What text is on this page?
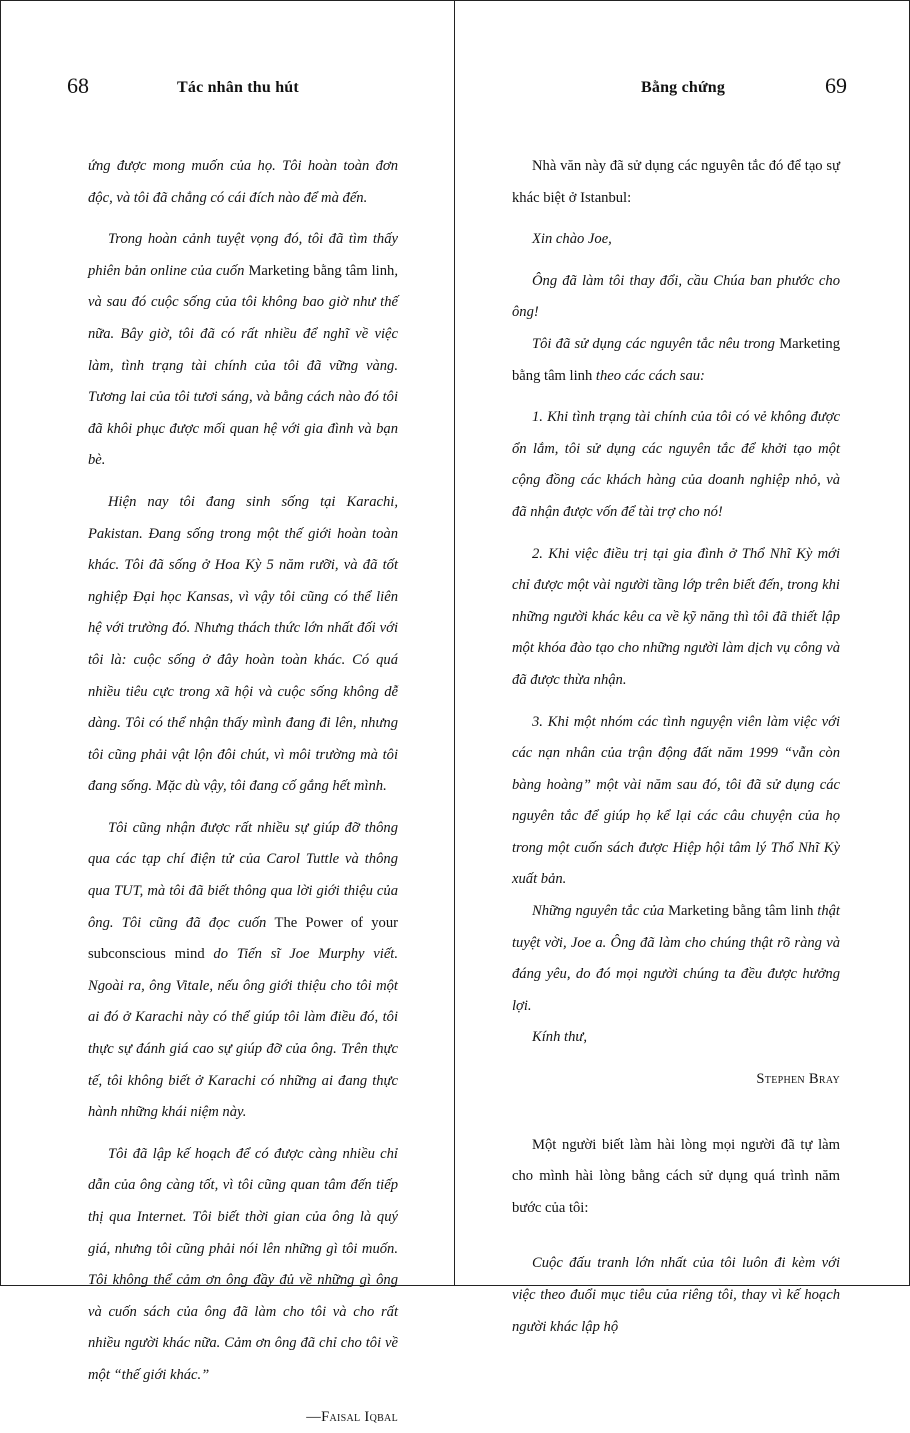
68	Tác nhân thu hút

ứng được mong muốn của họ. Tôi hoàn toàn đơn độc, và tôi đã chẳng có cái đích nào để mà đến.

Trong hoàn cảnh tuyệt vọng đó, tôi đã tìm thấy phiên bản online của cuốn Marketing bằng tâm linh, và sau đó cuộc sống của tôi không bao giờ như thế nữa. Bây giờ, tôi đã có rất nhiều để nghĩ về việc làm, tình trạng tài chính của tôi đã vững vàng. Tương lai của tôi tươi sáng, và bằng cách nào đó tôi đã khôi phục được mối quan hệ với gia đình và bạn bè.

Hiện nay tôi đang sinh sống tại Karachi, Pakistan. Đang sống trong một thế giới hoàn toàn khác. Tôi đã sống ở Hoa Kỳ 5 năm rưỡi, và đã tốt nghiệp Đại học Kansas, vì vậy tôi cũng có thể liên hệ với trường đó. Nhưng thách thức lớn nhất đối với tôi là: cuộc sống ở đây hoàn toàn khác. Có quá nhiều tiêu cực trong xã hội và cuộc sống không dễ dàng. Tôi có thể nhận thấy mình đang đi lên, nhưng tôi cũng phải vật lộn đôi chút, vì môi trường mà tôi đang sống. Mặc dù vậy, tôi đang cố gắng hết mình.

Tôi cũng nhận được rất nhiều sự giúp đỡ thông qua các tạp chí điện tử của Carol Tuttle và thông qua TUT, mà tôi đã biết thông qua lời giới thiệu của ông. Tôi cũng đã đọc cuốn The Power of your subconscious mind do Tiến sĩ Joe Murphy viết. Ngoài ra, ông Vitale, nếu ông giới thiệu cho tôi một ai đó ở Karachi này có thể giúp tôi làm điều đó, tôi thực sự đánh giá cao sự giúp đỡ của ông. Trên thực tế, tôi không biết ở Karachi có những ai đang thực hành những khái niệm này.

Tôi đã lập kế hoạch để có được càng nhiều chỉ dẫn của ông càng tốt, vì tôi cũng quan tâm đến tiếp thị qua Internet. Tôi biết thời gian của ông là quý giá, nhưng tôi cũng phải nói lên những gì tôi muốn. Tôi không thể cảm ơn ông đầy đủ về những gì ông và cuốn sách của ông đã làm cho tôi và cho rất nhiều người khác nữa. Cảm ơn ông đã chỉ cho tôi về một “thế giới khác.”

—Faisal Iqbal

Bằng chứng	69

Nhà văn này đã sử dụng các nguyên tắc đó để tạo sự khác biệt ở Istanbul:

Xin chào Joe,

Ông đã làm tôi thay đổi, cầu Chúa ban phước cho ông!

Tôi đã sử dụng các nguyên tắc nêu trong Marketing bằng tâm linh theo các cách sau:

1. Khi tình trạng tài chính của tôi có vẻ không được ổn lắm, tôi sử dụng các nguyên tắc để khởi tạo một cộng đồng các khách hàng của doanh nghiệp nhỏ, và đã nhận được vốn để tài trợ cho nó!

2. Khi việc điều trị tại gia đình ở Thổ Nhĩ Kỳ mới chỉ được một vài người tầng lớp trên biết đến, trong khi những người khác kêu ca về kỹ năng thì tôi đã thiết lập một khóa đào tạo cho những người làm dịch vụ công và đã được thừa nhận.

3. Khi một nhóm các tình nguyện viên làm việc với các nạn nhân của trận động đất năm 1999 “vẫn còn bàng hoàng” một vài năm sau đó, tôi đã sử dụng các nguyên tắc để giúp họ kể lại các câu chuyện của họ trong một cuốn sách được Hiệp hội tâm lý Thổ Nhĩ Kỳ xuất bản.

Những nguyên tắc của Marketing bằng tâm linh thật tuyệt vời, Joe a. Ông đã làm cho chúng thật rõ ràng và đáng yêu, do đó mọi người chúng ta đều được hưởng lợi.

Kính thư,

Stephen Bray

Một người biết làm hài lòng mọi người đã tự làm cho mình hài lòng bằng cách sử dụng quá trình năm bước của tôi:

Cuộc đấu tranh lớn nhất của tôi luôn đi kèm với việc theo đuổi mục tiêu của riêng tôi, thay vì kế hoạch người khác lập hộ
